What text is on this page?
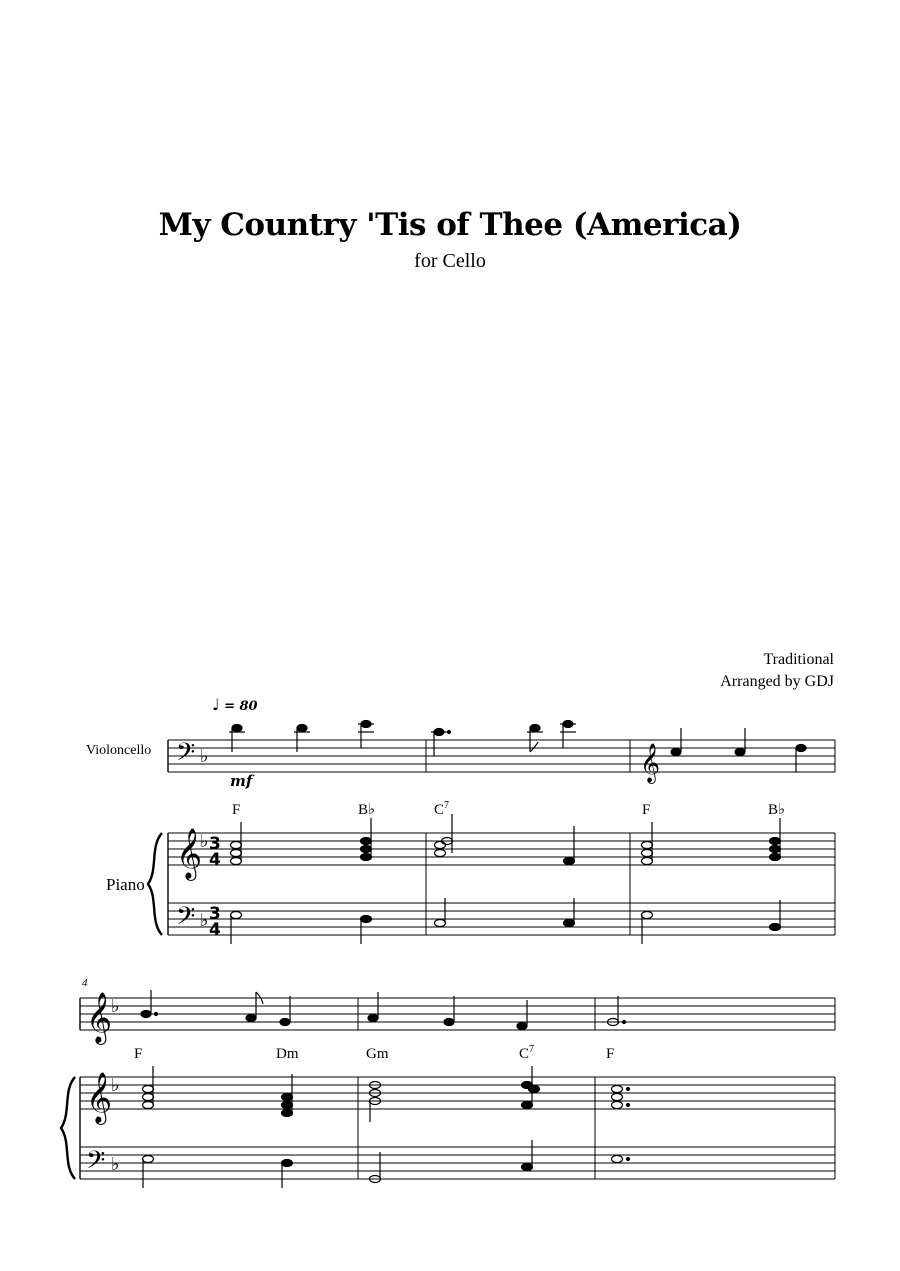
My Country 'Tis of Thee (America)
for Cello
Traditional
Arranged by GDJ
♩ = 80
Violoncello
Piano
mf
F	B♭	$C^7$	F	B♭
4
F	Dm	Gm	$C^7$	F
𝄢 ♭
𝄞
♭ 3
4
𝄢 ♭ 3
4
𝄞
𝄞
♭
𝄞
♭
𝄢 ♭
